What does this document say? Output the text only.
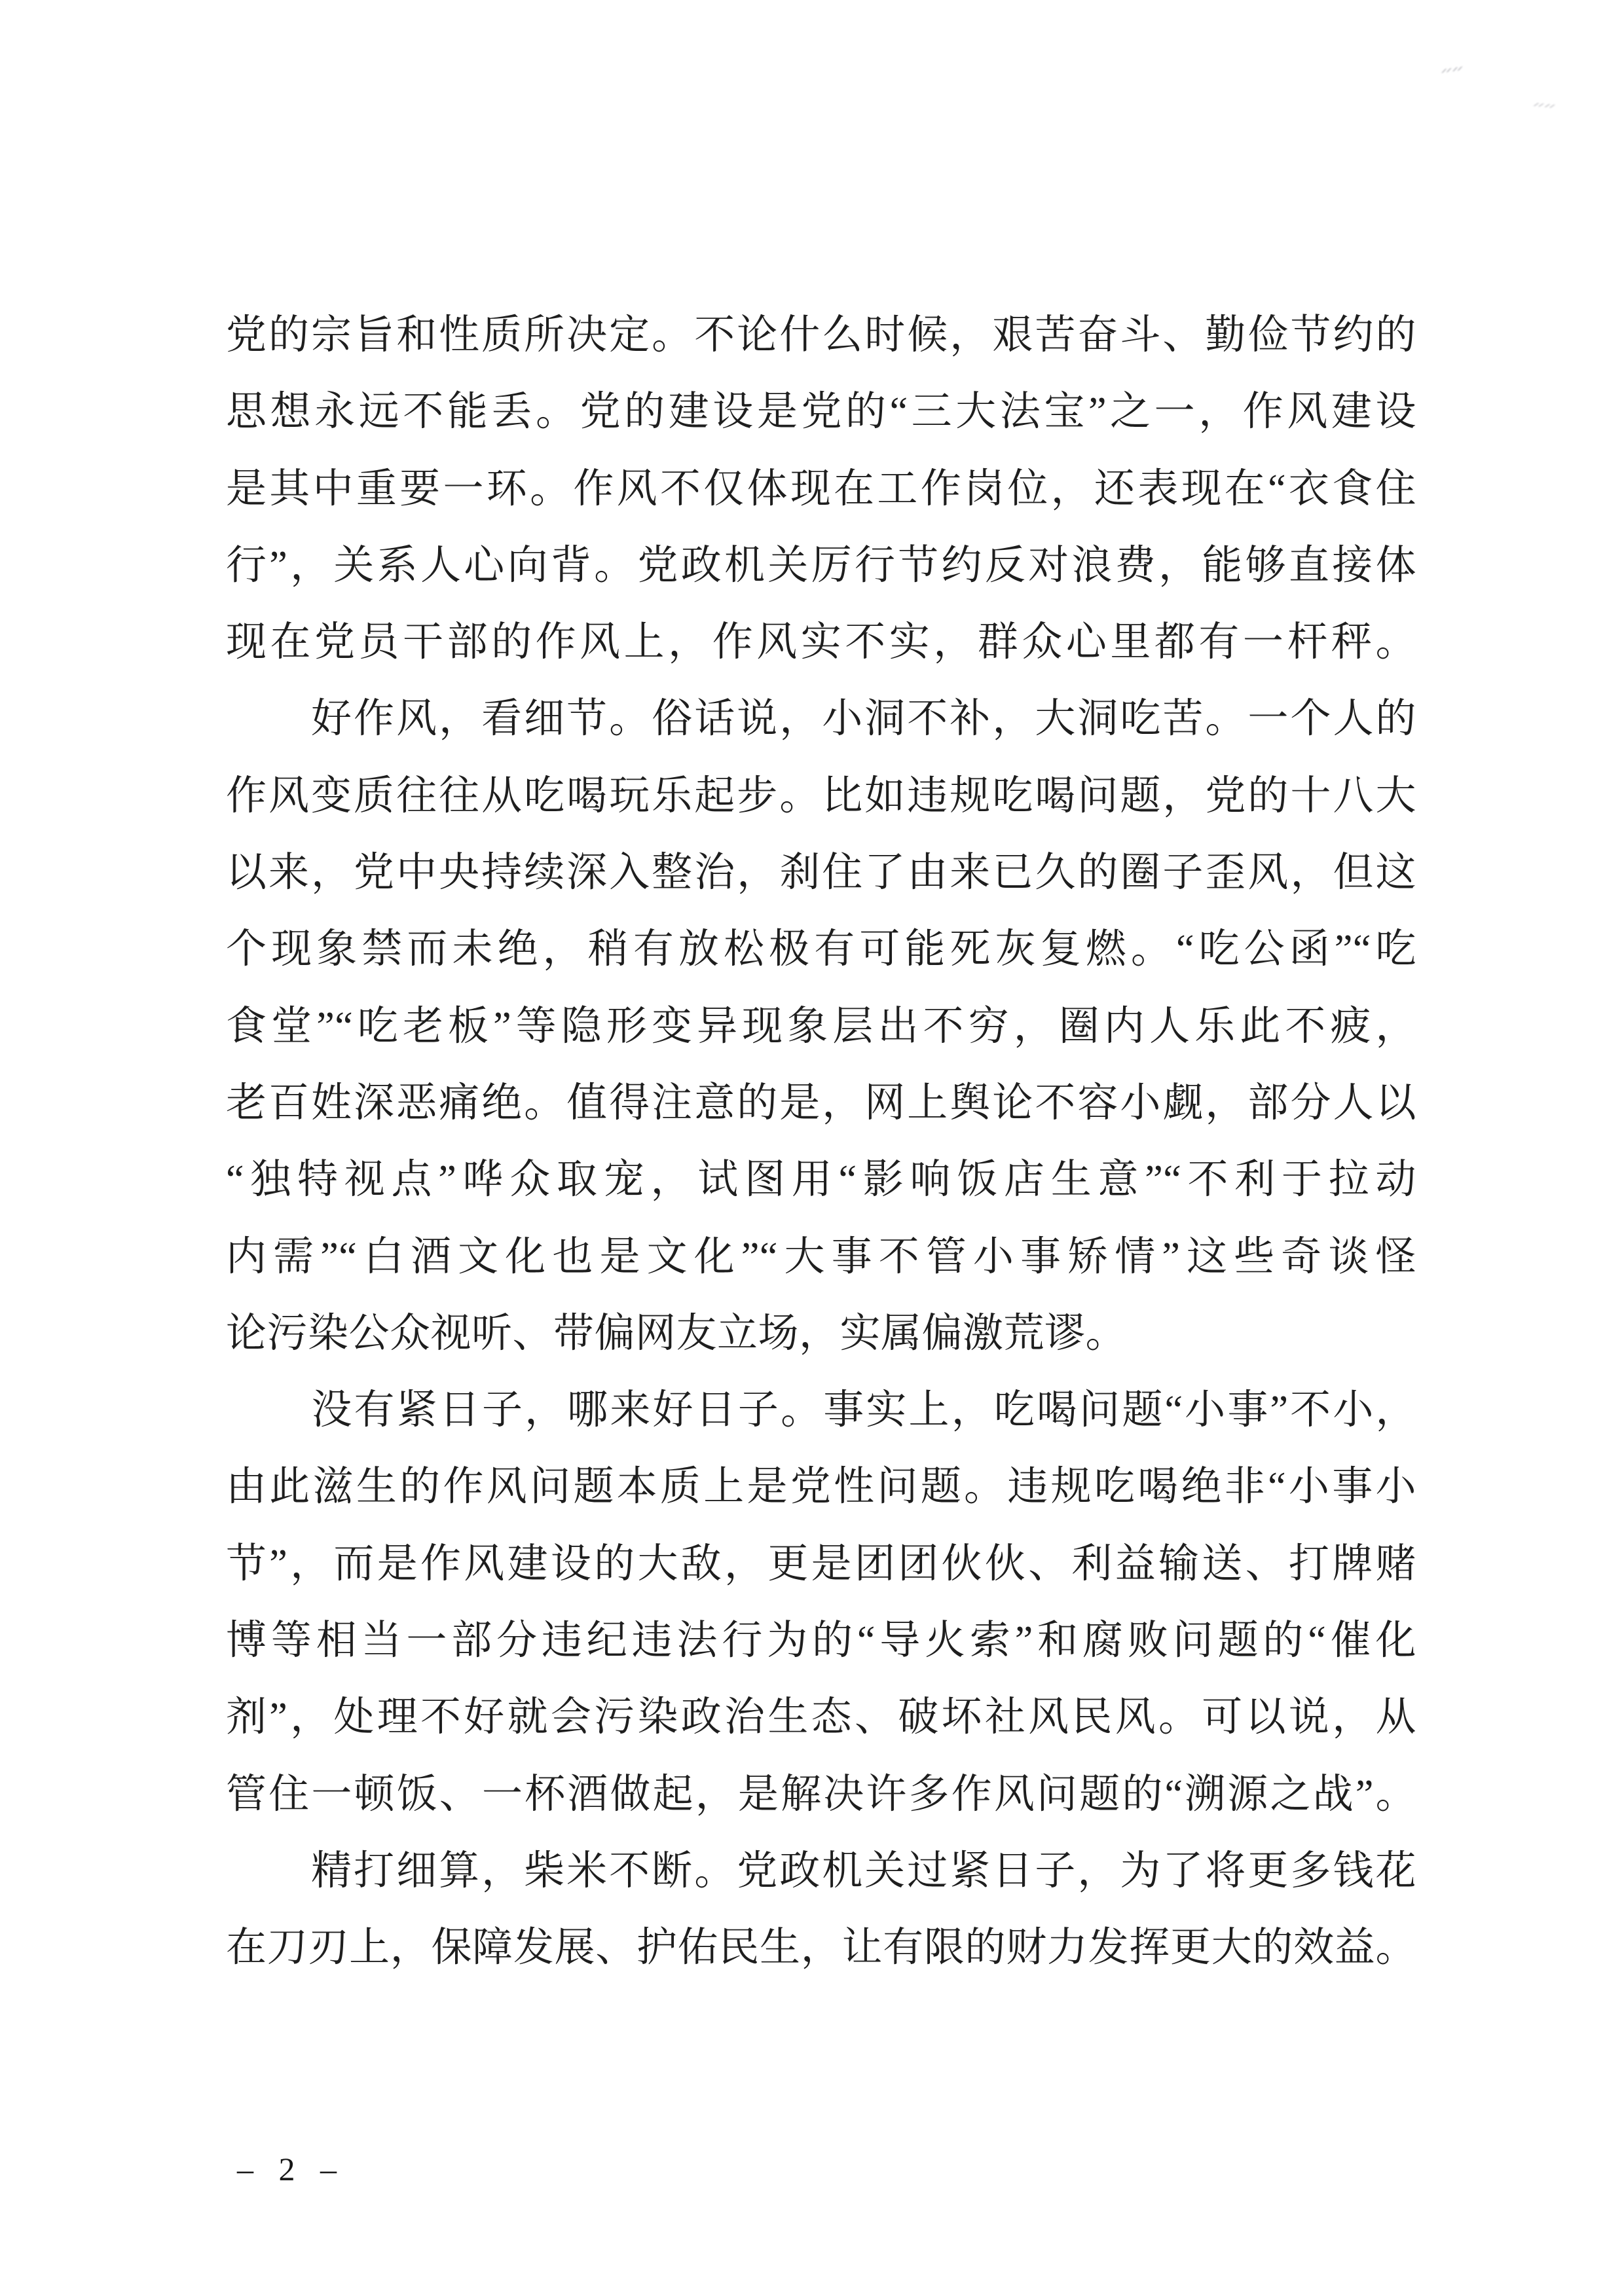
᳓᳓
᳓᳓
党的宗旨和性质所决定。不论什么时候，艰苦奋斗、勤俭节约的
思想永远不能丢。党的建设是党的“三大法宝”之一，作风建设
是其中重要一环。作风不仅体现在工作岗位，还表现在“衣食住
行”，关系人心向背。党政机关厉行节约反对浪费，能够直接体
现在党员干部的作风上，作风实不实，群众心里都有一杆秤。
　　好作风，看细节。俗话说，小洞不补，大洞吃苦。一个人的
作风变质往往从吃喝玩乐起步。比如违规吃喝问题，党的十八大
以来，党中央持续深入整治，刹住了由来已久的圈子歪风，但这
个现象禁而未绝，稍有放松极有可能死灰复燃。“吃公函”“吃
食堂”“吃老板”等隐形变异现象层出不穷，圈内人乐此不疲，
老百姓深恶痛绝。值得注意的是，网上舆论不容小觑，部分人以
“独特视点”哗众取宠，试图用“影响饭店生意”“不利于拉动
内需”“白酒文化也是文化”“大事不管小事矫情”这些奇谈怪
论污染公众视听、带偏网友立场，实属偏激荒谬。
　　没有紧日子，哪来好日子。事实上，吃喝问题“小事”不小，
由此滋生的作风问题本质上是党性问题。违规吃喝绝非“小事小
节”，而是作风建设的大敌，更是团团伙伙、利益输送、打牌赌
博等相当一部分违纪违法行为的“导火索”和腐败问题的“催化
剂”，处理不好就会污染政治生态、破坏社风民风。可以说，从
管住一顿饭、一杯酒做起，是解决许多作风问题的“溯源之战”。
　　精打细算，柴米不断。党政机关过紧日子，为了将更多钱花
在刀刃上，保障发展、护佑民生，让有限的财力发挥更大的效益。
– 2 –
